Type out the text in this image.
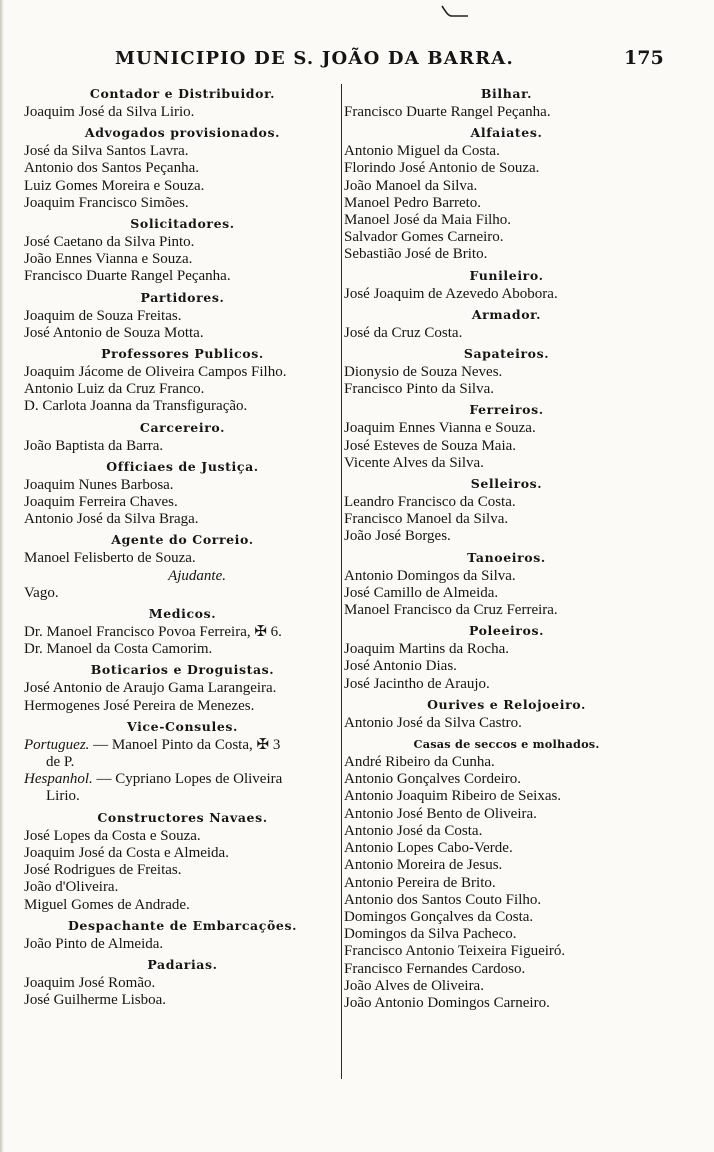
MUNICIPIO DE S. JOÃO DA BARRA.	175
Contador e Distribuidor.
Joaquim José da Silva Lirio.
Advogados provisionados.
José da Silva Santos Lavra.
Antonio dos Santos Peçanha.
Luiz Gomes Moreira e Souza.
Joaquim Francisco Simões.
Solicitadores.
José Caetano da Silva Pinto.
João Ennes Vianna e Souza.
Francisco Duarte Rangel Peçanha.
Partidores.
Joaquim de Souza Freitas.
José Antonio de Souza Motta.
Professores Publicos.
Joaquim Jácome de Oliveira Campos Filho.
Antonio Luiz da Cruz Franco.
D. Carlota Joanna da Transfiguração.
Carcereiro.
João Baptista da Barra.
Officiaes de Justiça.
Joaquim Nunes Barbosa.
Joaquim Ferreira Chaves.
Antonio José da Silva Braga.
Agente do Correio.
Manoel Felisberto de Souza.
Ajudante.
Vago.
Medicos.
Dr. Manoel Francisco Povoa Ferreira, ✠ 6.
Dr. Manoel da Costa Camorim.
Boticarios e Droguistas.
José Antonio de Araujo Gama Larangeira.
Hermogenes José Pereira de Menezes.
Vice-Consules.
Portuguez. — Manoel Pinto da Costa, ✠ 3
de P.
Hespanhol. — Cypriano Lopes de Oliveira
Lirio.
Constructores Navaes.
José Lopes da Costa e Souza.
Joaquim José da Costa e Almeida.
José Rodrigues de Freitas.
João d'Oliveira.
Miguel Gomes de Andrade.
Despachante de Embarcações.
João Pinto de Almeida.
Padarias.
Joaquim José Romão.
José Guilherme Lisboa.
Bilhar.
Francisco Duarte Rangel Peçanha.
Alfaiates.
Antonio Miguel da Costa.
Florindo José Antonio de Souza.
João Manoel da Silva.
Manoel Pedro Barreto.
Manoel José da Maia Filho.
Salvador Gomes Carneiro.
Sebastião José de Brito.
Funileiro.
José Joaquim de Azevedo Abobora.
Armador.
José da Cruz Costa.
Sapateiros.
Dionysio de Souza Neves.
Francisco Pinto da Silva.
Ferreiros.
Joaquim Ennes Vianna e Souza.
José Esteves de Souza Maia.
Vicente Alves da Silva.
Selleiros.
Leandro Francisco da Costa.
Francisco Manoel da Silva.
João José Borges.
Tanoeiros.
Antonio Domingos da Silva.
José Camillo de Almeida.
Manoel Francisco da Cruz Ferreira.
Poleeiros.
Joaquim Martins da Rocha.
José Antonio Dias.
José Jacintho de Araujo.
Ourives e Relojoeiro.
Antonio José da Silva Castro.
Casas de seccos e molhados.
André Ribeiro da Cunha.
Antonio Gonçalves Cordeiro.
Antonio Joaquim Ribeiro de Seixas.
Antonio José Bento de Oliveira.
Antonio José da Costa.
Antonio Lopes Cabo-Verde.
Antonio Moreira de Jesus.
Antonio Pereira de Brito.
Antonio dos Santos Couto Filho.
Domingos Gonçalves da Costa.
Domingos da Silva Pacheco.
Francisco Antonio Teixeira Figueiró.
Francisco Fernandes Cardoso.
João Alves de Oliveira.
João Antonio Domingos Carneiro.
